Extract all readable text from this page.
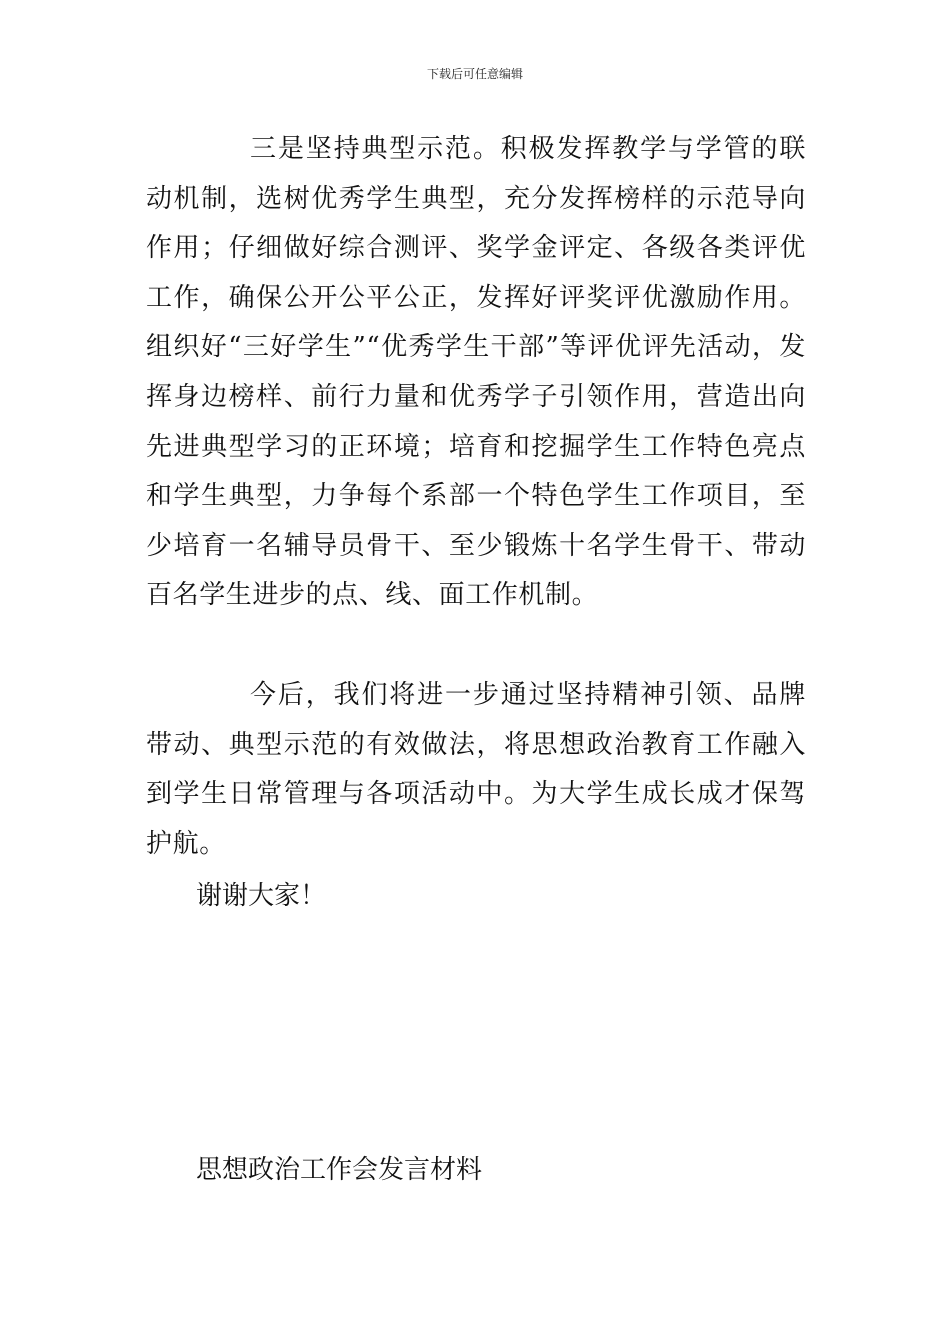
下载后可任意编辑

三是坚持典型示范。积极发挥教学与学管的联动机制，选树优秀学生典型，充分发挥榜样的示范导向作用；仔细做好综合测评、奖学金评定、各级各类评优工作，确保公开公平公正，发挥好评奖评优激励作用。组织好“三好学生”“优秀学生干部”等评优评先活动，发挥身边榜样、前行力量和优秀学子引领作用，营造出向先进典型学习的正环境；培育和挖掘学生工作特色亮点和学生典型，力争每个系部一个特色学生工作项目，至少培育一名辅导员骨干、至少锻炼十名学生骨干、带动百名学生进步的点、线、面工作机制。

今后，我们将进一步通过坚持精神引领、品牌带动、典型示范的有效做法，将思想政治教育工作融入到学生日常管理与各项活动中。为大学生成长成才保驾护航。

谢谢大家！

思想政治工作会发言材料
